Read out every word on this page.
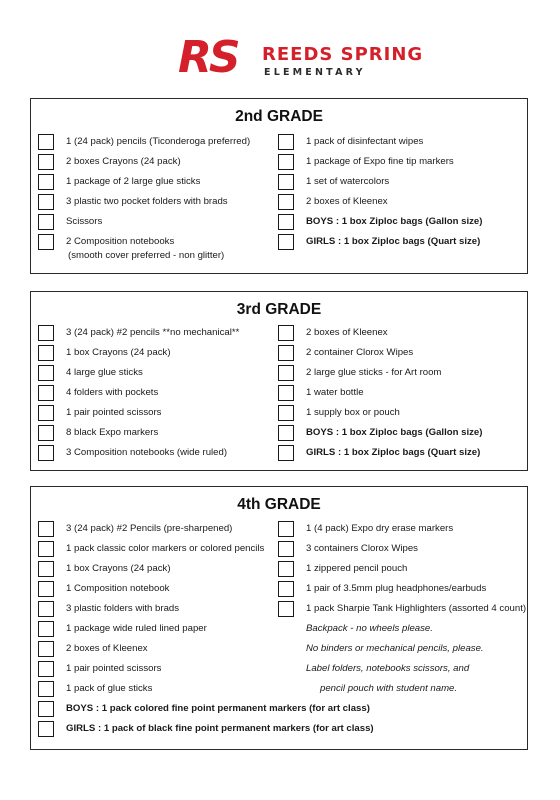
RS REEDS SPRING
ELEMENTARY
2nd GRADE
1 (24 pack) pencils (Ticonderoga preferred)
2 boxes Crayons (24 pack)
1 package of 2 large glue sticks
3 plastic two pocket folders with brads
Scissors
2 Composition notebooks
(smooth cover preferred - non glitter)
1 pack of disinfectant wipes
1 package of Expo fine tip markers
1 set of watercolors
2 boxes of Kleenex
BOYS : 1 box Ziploc bags (Gallon size)
GIRLS : 1 box Ziploc bags (Quart size)
3rd GRADE
3 (24 pack) #2 pencils **no mechanical**
1 box Crayons (24 pack)
4 large glue sticks
4 folders with pockets
1 pair pointed scissors
8 black Expo markers
3 Composition notebooks (wide ruled)
2 boxes of Kleenex
2 container Clorox Wipes
2 large glue sticks - for Art room
1 water bottle
1 supply box or pouch
BOYS : 1 box Ziploc bags (Gallon size)
GIRLS : 1 box Ziploc bags (Quart size)
4th GRADE
3 (24 pack) #2 Pencils (pre-sharpened)
1 pack classic color markers or colored pencils
1 box Crayons (24 pack)
1 Composition notebook
3 plastic folders with brads
1 package wide ruled lined paper
2 boxes of Kleenex
1 pair pointed scissors
1 pack of glue sticks
BOYS : 1 pack colored fine point permanent markers (for art class)
GIRLS : 1 pack of black fine point permanent markers (for art class)
1 (4 pack) Expo dry erase markers
3 containers Clorox Wipes
1 zippered pencil pouch
1 pair of 3.5mm plug headphones/earbuds
1 pack Sharpie Tank Highlighters (assorted 4 count)
Backpack - no wheels please.
No binders or mechanical pencils, please.
Label folders, notebooks scissors, and
pencil pouch with student name.
